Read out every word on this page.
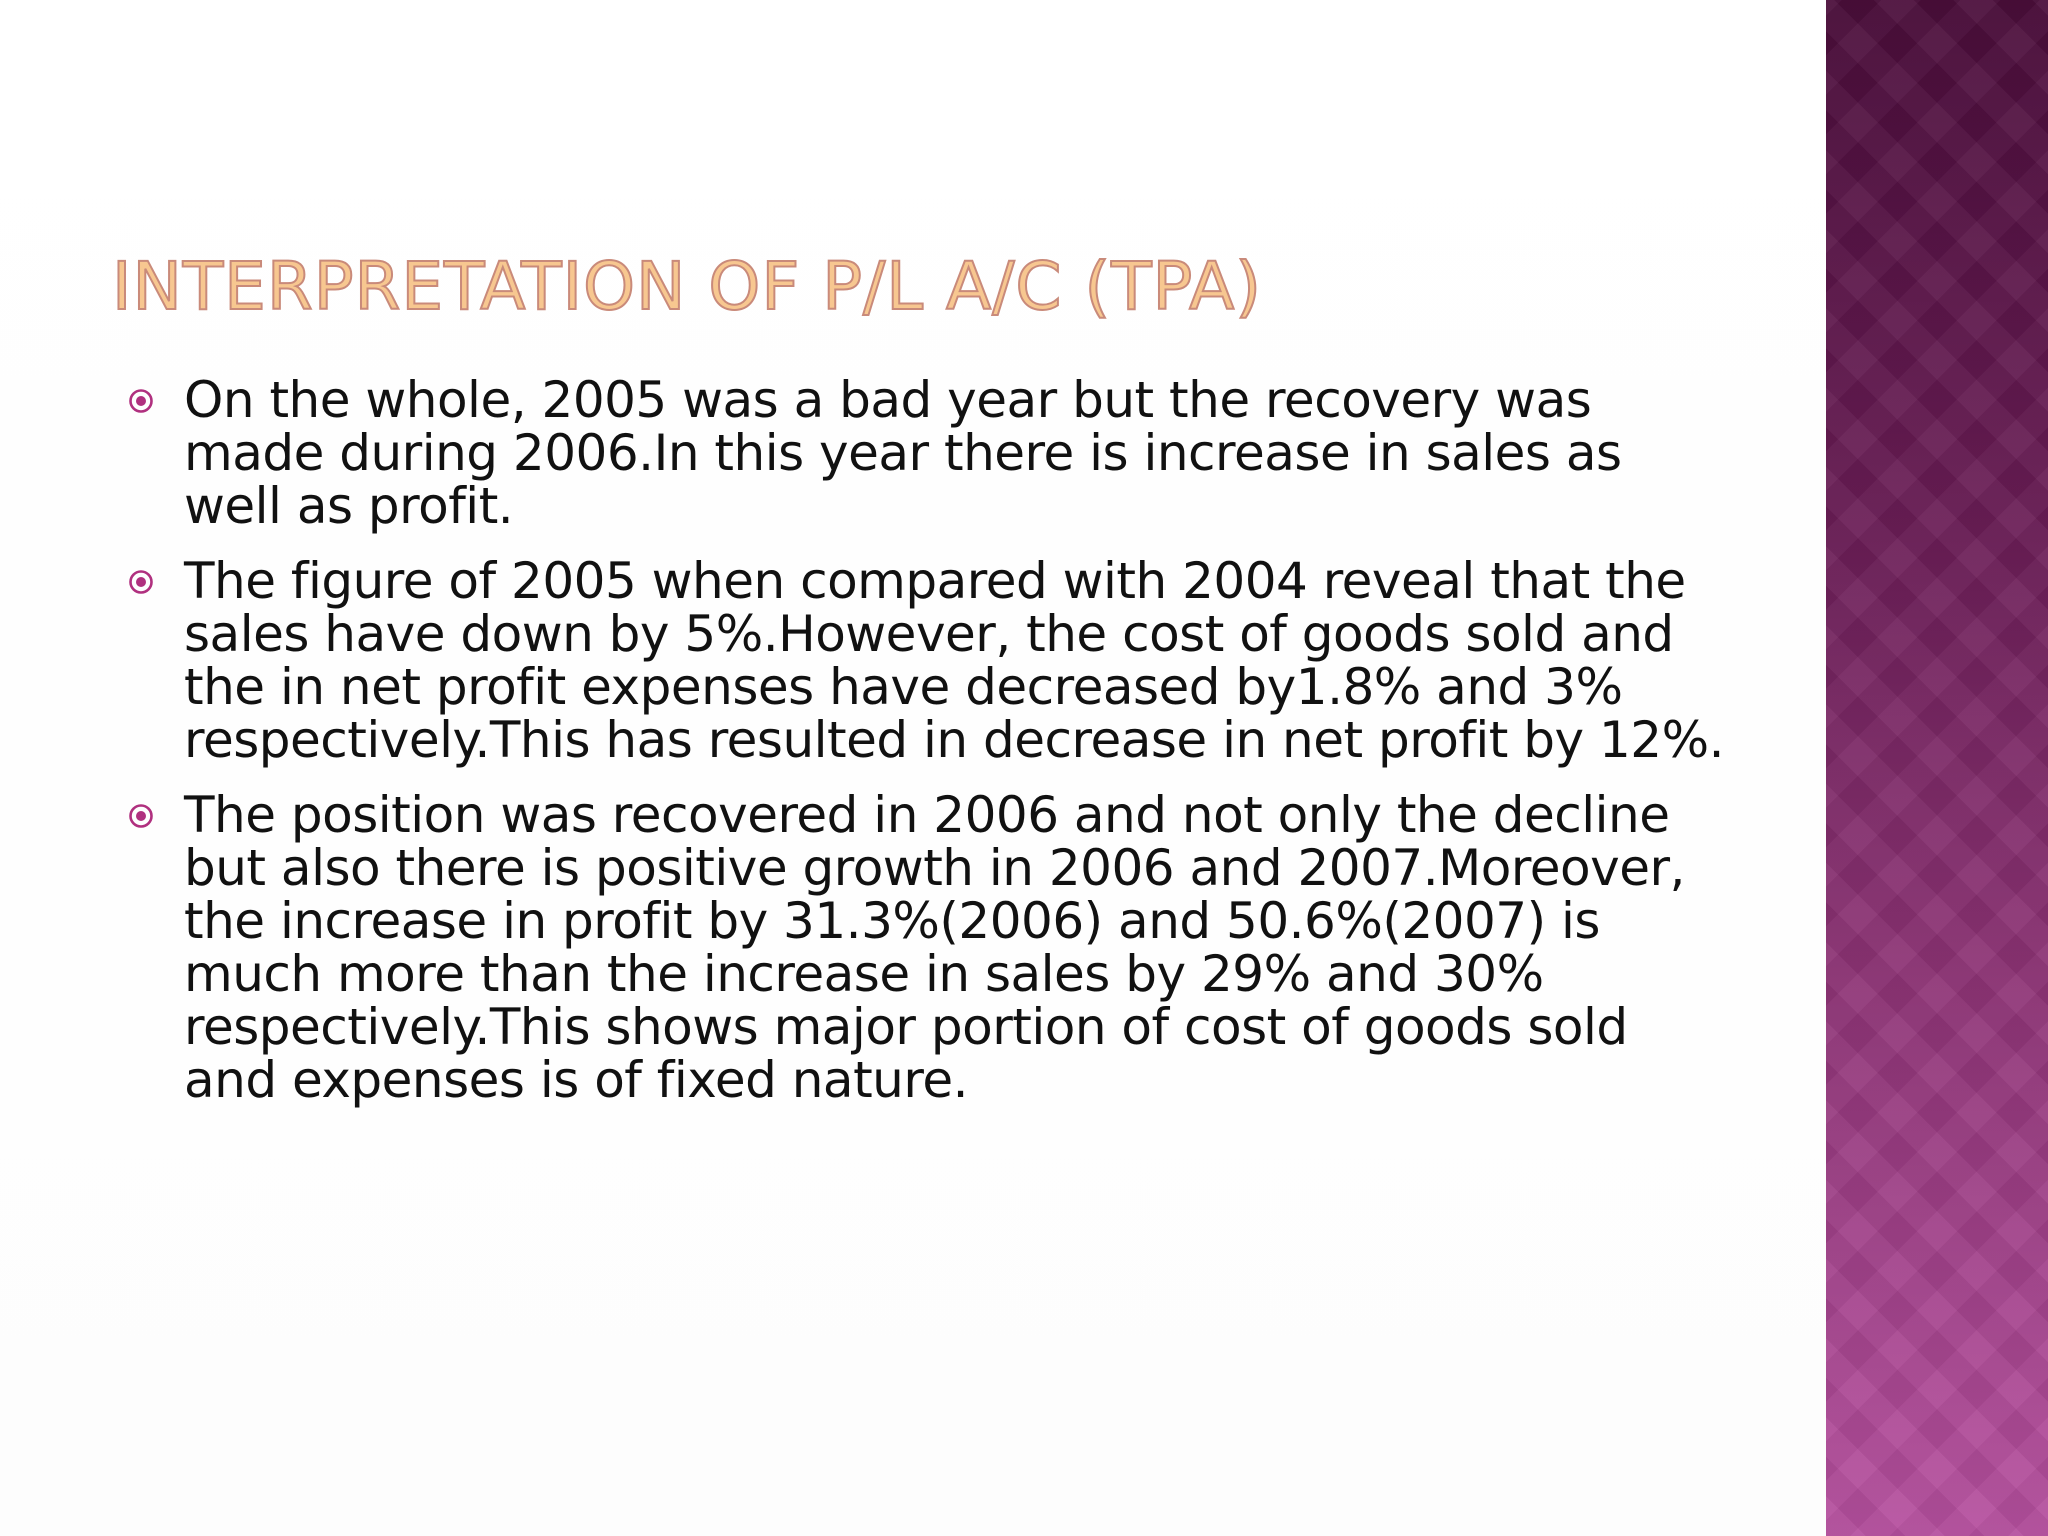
INTERPRETATION OF P/L A/C (TPA)
On the whole, 2005 was a bad year but the recovery was made during 2006.In this year there is increase in sales as well as profit.
The figure of 2005 when compared with 2004 reveal that the sales have down by 5%.However, the cost of goods sold and the in net profit expenses have decreased by1.8% and 3% respectively.This has resulted in decrease in net profit by 12%.
The position was recovered in 2006 and not only the decline but also there is positive growth in 2006 and 2007.Moreover, the increase in profit by 31.3%(2006) and 50.6%(2007) is much more than the increase in sales by 29% and 30% respectively.This shows major portion of cost of goods sold and expenses is of fixed nature.
